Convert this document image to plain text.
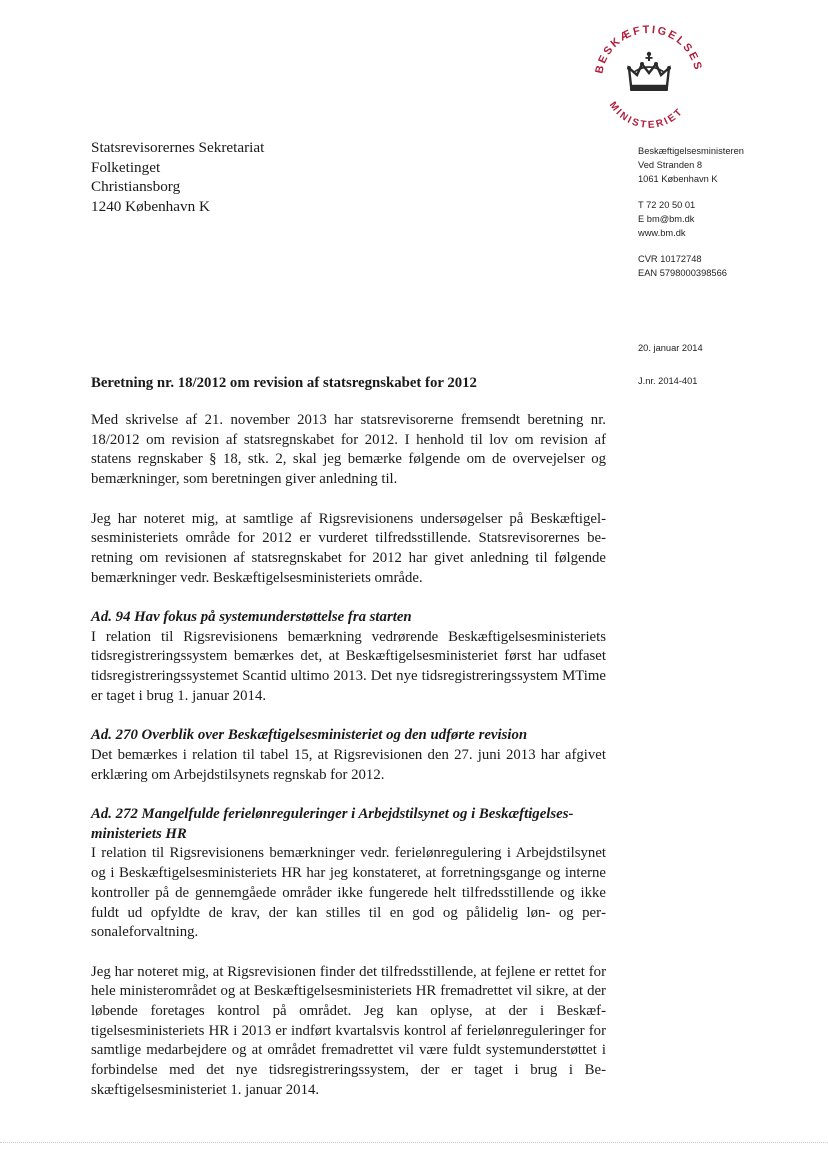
BESKÆFTIGELSES
MINISTERIET
Statsrevisorernes Sekretariat
Folketinget
Christiansborg
1240 København K
Beskæftigelsesministeren
Ved Stranden 8
1061 København K
T 72 20 50 01
E bm@bm.dk
www.bm.dk
CVR 10172748
EAN 5798000398566
20. januar 2014
J.nr. 2014-401
Beretning nr. 18/2012 om revision af statsregnskabet for 2012

Med skrivelse af 21. november 2013 har statsrevisorerne fremsendt beretning nr. 18/2012 om revision af statsregnskabet for 2012. I henhold til lov om revision af statens regnskaber § 18, stk. 2, skal jeg bemærke følgende om de overvejelser og bemærkninger, som beretningen giver anledning til.

Jeg har noteret mig, at samtlige af Rigsrevisionens undersøgelser på Beskæftigelsesministeriets område for 2012 er vurderet tilfredsstillende. Statsrevisorernes beretning om revisionen af statsregnskabet for 2012 har givet anledning til følgende bemærkninger vedr. Beskæftigelsesministeriets område.

Ad. 94 Hav fokus på systemunderstøttelse fra starten
I relation til Rigsrevisionens bemærkning vedrørende Beskæftigelsesministeriets tidsregistreringssystem bemærkes det, at Beskæftigelsesministeriet først har udfaset tidsregistreringssystemet Scantid ultimo 2013. Det nye tidsregistreringssystem MTime er taget i brug 1. januar 2014.

Ad. 270 Overblik over Beskæftigelsesministeriet og den udførte revision
Det bemærkes i relation til tabel 15, at Rigsrevisionen den 27. juni 2013 har afgivet erklæring om Arbejdstilsynets regnskab for 2012.

Ad. 272 Mangelfulde ferielønreguleringer i Arbejdstilsynet og i Beskæftigelsesministeriets HR
I relation til Rigsrevisionens bemærkninger vedr. ferielønregulering i Arbejdstilsynet og i Beskæftigelsesministeriets HR har jeg konstateret, at forretningsgange og interne kontroller på de gennemgåede områder ikke fungerede helt tilfredsstillende og ikke fuldt ud opfyldte de krav, der kan stilles til en god og pålidelig løn- og personaleforvaltning.

Jeg har noteret mig, at Rigsrevisionen finder det tilfredsstillende, at fejlene er rettet for hele ministerområdet og at Beskæftigelsesministeriets HR fremadrettet vil sikre, at der løbende foretages kontrol på området. Jeg kan oplyse, at der i Beskæftigelsesministeriets HR i 2013 er indført kvartalsvis kontrol af ferielønreguleringer for samtlige medarbejdere og at området fremadrettet vil være fuldt systemunderstøttet i forbindelse med det nye tidsregistreringssystem, der er taget i brug i Beskæftigelsesministeriet 1. januar 2014.
